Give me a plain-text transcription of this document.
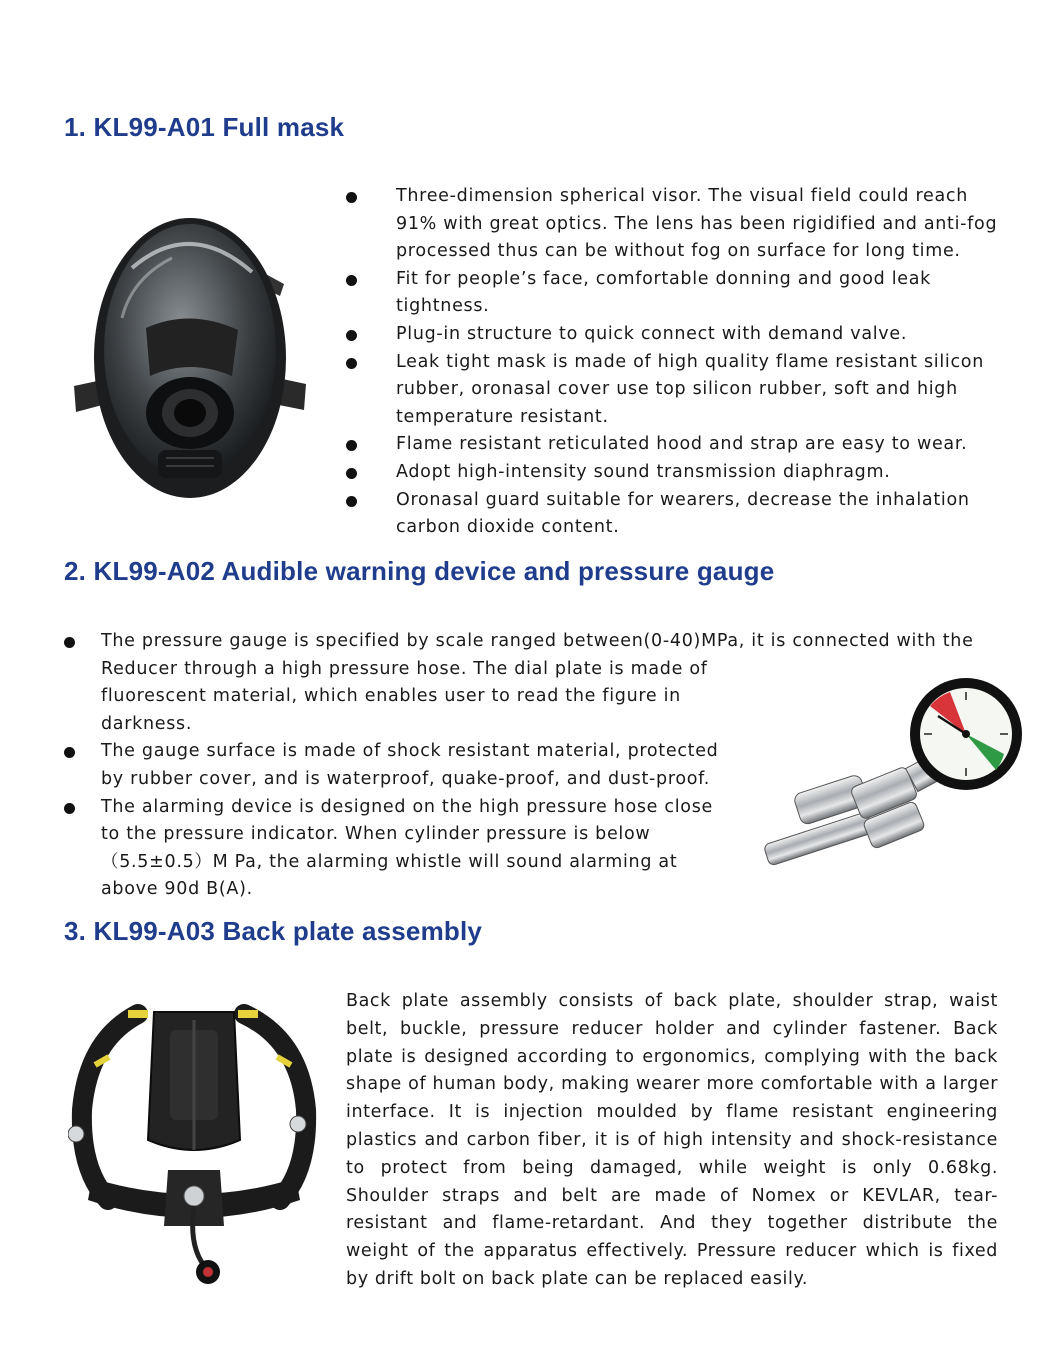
1. KL99-A01 Full mask
Three-dimension spherical visor. The visual field could reach 91% with great optics. The lens has been rigidified and anti-fog processed thus can be without fog on surface for long time.
Fit for people’s face, comfortable donning and good leak tightness.
Plug-in structure to quick connect with demand valve.
Leak tight mask is made of high quality flame resistant silicon rubber, oronasal cover use top silicon rubber, soft and high temperature resistant.
Flame resistant reticulated hood and strap are easy to wear.
Adopt high-intensity sound transmission diaphragm.
Oronasal guard suitable for wearers, decrease the inhalation carbon dioxide content.
2. KL99-A02 Audible warning device and pressure gauge
The pressure gauge is specified by scale ranged between(0-40)MPa, it is connected with the
Reducer through a high pressure hose. The dial plate is made of fluorescent material, which enables user to read the figure in darkness.
The gauge surface is made of shock resistant material, protected by rubber cover, and is waterproof, quake-proof, and dust-proof.
The alarming device is designed on the high pressure hose close to the pressure indicator. When cylinder pressure is below（5.5±0.5）M Pa, the alarming whistle will sound alarming at above 90d B(A).
3. KL99-A03 Back plate assembly

Back plate assembly consists of back plate, shoulder strap, waist belt, buckle, pressure reducer holder and cylinder fastener. Back plate is designed according to ergonomics, complying with the back shape of human body, making wearer more comfortable with a larger interface. It is injection moulded by flame resistant engineering plastics and carbon fiber, it is of high intensity and shock-resistance to protect from being damaged, while weight is only 0.68kg. Shoulder straps and belt are made of Nomex or KEVLAR, tear-resistant and flame-retardant. And they together distribute the weight of the apparatus effectively. Pressure reducer which is fixed by drift bolt on back plate can be replaced easily.
